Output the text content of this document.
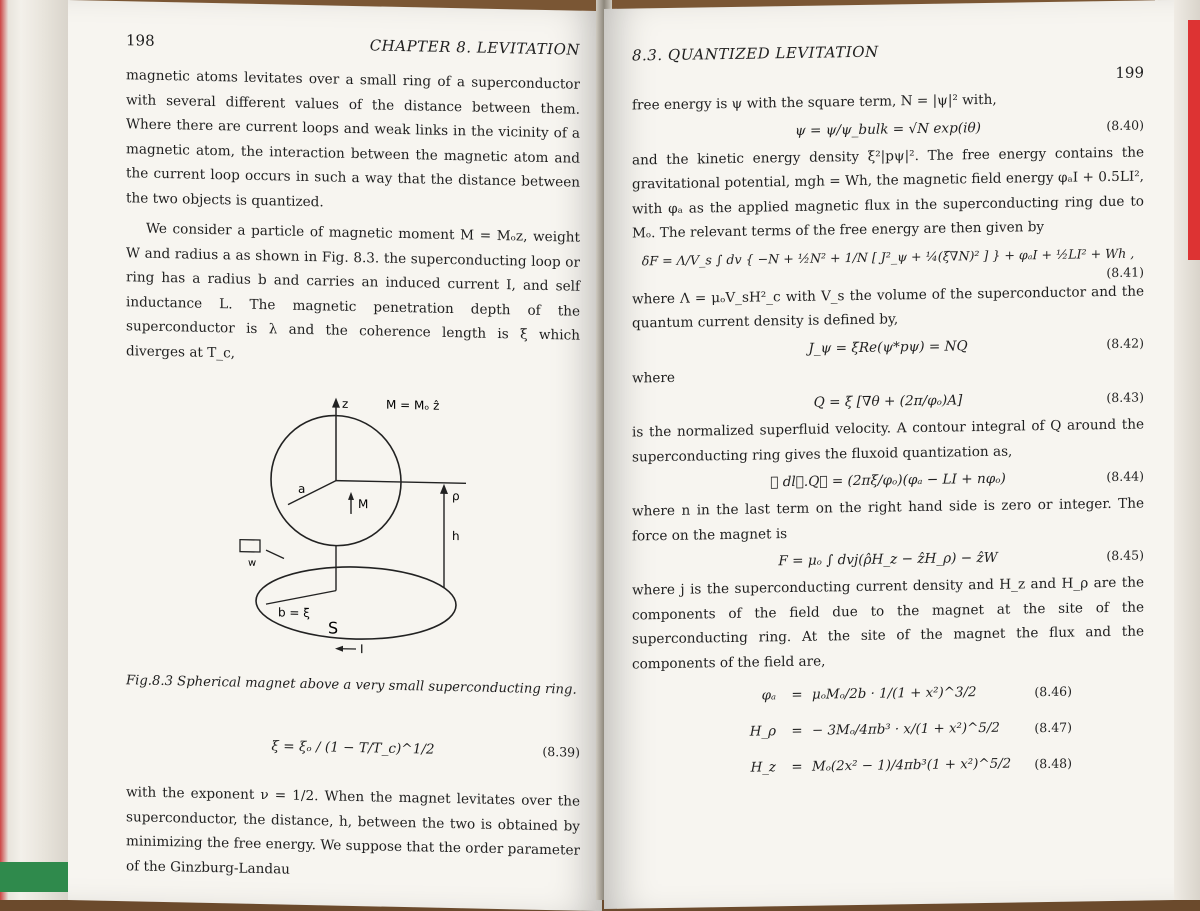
198	CHAPTER 8. LEVITATION
magnetic atoms levitates over a small ring of a superconductor with several different values of the distance between them. Where there are current loops and weak links in the vicinity of a magnetic atom, the interaction between the magnetic atom and the current loop occurs in such a way that the distance between the two objects is quantized.
We consider a particle of magnetic moment M = Mₒz, weight W and radius a as shown in Fig. 8.3. the superconducting loop or ring has a radius b and carries an induced current I, and self inductance L. The magnetic penetration depth of the superconductor is λ and the coherence length is ξ which diverges at T_c,
z	M = Mₒ ẑ
a
M
ρ
h
w
b = ξ
S
I
Fig.8.3 Spherical magnet above a very small superconducting ring.
ξ = ξₒ / (1 − T/T_c)^1/2	(8.39)
with the exponent ν = 1/2. When the magnet levitates over the superconductor, the distance, h, between the two is obtained by minimizing the free energy. We suppose that the order parameter of the Ginzburg-Landau
8.3. QUANTIZED LEVITATION
199
free energy is ψ with the square term, N = |ψ|² with,
ψ = ψ/ψ_bulk = √N exp(iθ)	(8.40)
and the kinetic energy density ξ²|pψ|². The free energy contains the gravitational potential, mgh = Wh, the magnetic field energy φₐI + 0.5LI², with φₐ as the applied magnetic flux in the superconducting ring due to Mₒ. The relevant terms of the free energy are then given by
δF = Λ/V_s ∫ dv { −N + ½N² + 1/N [ J²_ψ + ¼(ξ∇N)² ] } + φₐI + ½LI² + Wh ,
(8.41)
where Λ = μₒV_sH²_c with V_s the volume of the superconductor and the quantum current density is defined by,
J_ψ = ξRe(ψ*pψ) = NQ	(8.42)
where
Q = ξ [∇θ + (2π/φₒ)A]	(8.43)
is the normalized superfluid velocity. A contour integral of Q around the superconducting ring gives the fluxoid quantization as,
∮ dl⃗.Q⃗ = (2πξ/φₒ)(φₐ − LI + nφₒ)	(8.44)
where n in the last term on the right hand side is zero or integer. The force on the magnet is
F = μₒ ∫ dvj(ρ̂H_z − ẑH_ρ) − ẑW	(8.45)
where j is the superconducting current density and H_z and H_ρ are the components of the field due to the magnet at the site of the superconducting ring. At the site of the magnet the flux and the components of the field are,
φₐ	= μₒMₒ/2b · 1/(1 + x²)^3/2	(8.46)
H_ρ	= − 3Mₒ/4πb³ · x/(1 + x²)^5/2	(8.47)
H_z	= Mₒ(2x² − 1)/4πb³(1 + x²)^5/2	(8.48)
